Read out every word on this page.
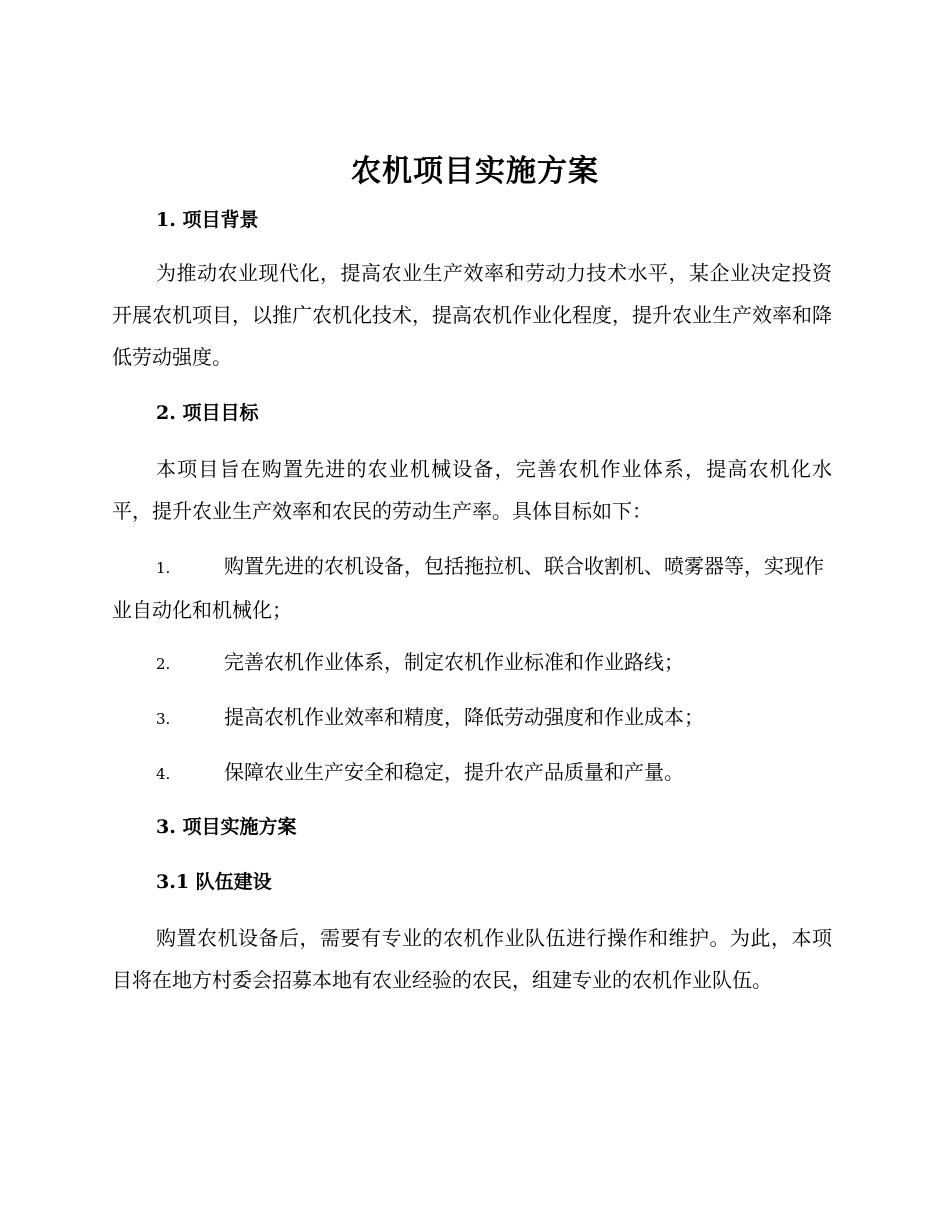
农机项目实施方案
1. 项目背景

为推动农业现代化，提高农业生产效率和劳动力技术水平，某企业决定投资开展农机项目，以推广农机化技术，提高农机作业化程度，提升农业生产效率和降低劳动强度。

2. 项目目标

本项目旨在购置先进的农业机械设备，完善农机作业体系，提高农机化水平，提升农业生产效率和农民的劳动生产率。具体目标如下：

1.	购置先进的农机设备，包括拖拉机、联合收割机、喷雾器等，实现作业自动化和机械化；
2.	完善农机作业体系，制定农机作业标准和作业路线；
3.	提高农机作业效率和精度，降低劳动强度和作业成本；
4.	保障农业生产安全和稳定，提升农产品质量和产量。
3. 项目实施方案
3.1 队伍建设

购置农机设备后，需要有专业的农机作业队伍进行操作和维护。为此，本项目将在地方村委会招募本地有农业经验的农民，组建专业的农机作业队伍。
